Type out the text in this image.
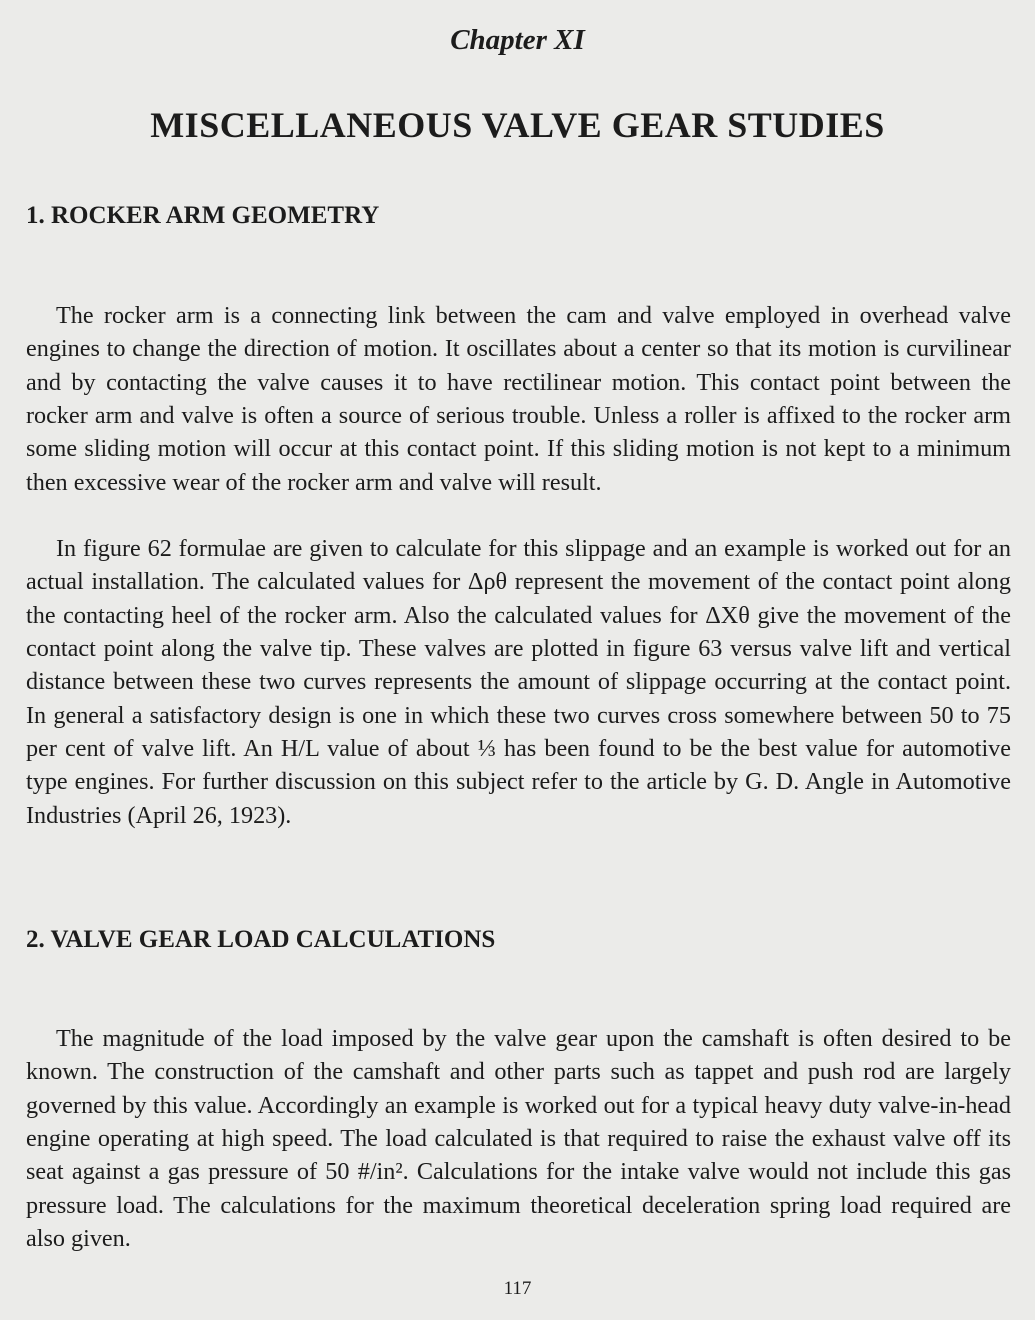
Chapter XI
MISCELLANEOUS VALVE GEAR STUDIES
1. ROCKER ARM GEOMETRY

The rocker arm is a connecting link between the cam and valve employed in overhead valve engines to change the direction of motion. It oscillates about a center so that its motion is curvilinear and by contacting the valve causes it to have rectilinear motion. This contact point between the rocker arm and valve is often a source of serious trouble. Unless a roller is affixed to the rocker arm some sliding motion will occur at this contact point. If this sliding motion is not kept to a minimum then excessive wear of the rocker arm and valve will result.

In figure 62 formulae are given to calculate for this slippage and an example is worked out for an actual installation. The calculated values for Δρθ represent the movement of the contact point along the contacting heel of the rocker arm. Also the calculated values for ΔXθ give the movement of the contact point along the valve tip. These valves are plotted in figure 63 versus valve lift and vertical distance between these two curves represents the amount of slippage occurring at the contact point. In general a satisfactory design is one in which these two curves cross somewhere between 50 to 75 per cent of valve lift. An H/L value of about ⅓ has been found to be the best value for automotive type engines. For further discussion on this subject refer to the article by G. D. Angle in Automotive Industries (April 26, 1923).

2. VALVE GEAR LOAD CALCULATIONS

The magnitude of the load imposed by the valve gear upon the camshaft is often desired to be known. The construction of the camshaft and other parts such as tappet and push rod are largely governed by this value. Accordingly an example is worked out for a typical heavy duty valve-in-head engine operating at high speed. The load calculated is that required to raise the exhaust valve off its seat against a gas pressure of 50 #/in². Calculations for the intake valve would not include this gas pressure load. The calculations for the maximum theoretical deceleration spring load required are also given.

117
